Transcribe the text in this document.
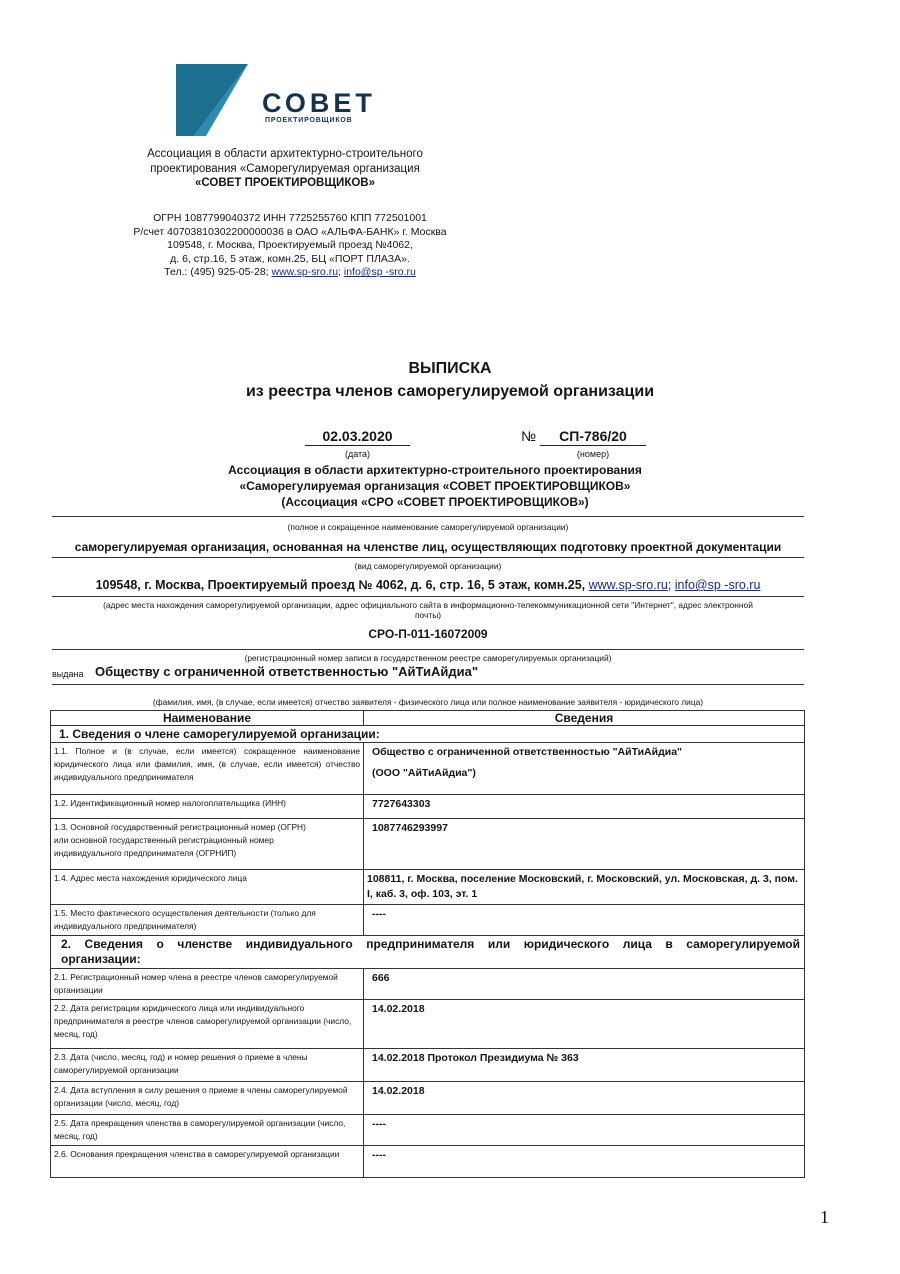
СОВЕТ
ПРОЕКТИРОВЩИКОВ
Ассоциация в области архитектурно-строительного
проектирования «Саморегулируемая организация
«СОВЕТ ПРОЕКТИРОВЩИКОВ»
ОГРН 1087799040372 ИНН 7725255760 КПП 772501001
Р/счет 40703810302200000036 в ОАО «АЛЬФА-БАНК» г. Москва
109548, г. Москва, Проектируемый проезд №4062,
д. 6, стр.16, 5 этаж, комн.25, БЦ «ПОРТ ПЛАЗА».
Тел.: (495) 925-05-28; www.sp-sro.ru; info@sp -sro.ru
ВЫПИСКА
из реестра членов саморегулируемой организации
02.03.2020
(дата)
№	СП-786/20
(номер)
Ассоциация в области архитектурно-строительного проектирования
«Саморегулируемая организация «СОВЕТ ПРОЕКТИРОВЩИКОВ»
(Ассоциация «СРО «СОВЕТ ПРОЕКТИРОВЩИКОВ»)
(полное и сокращенное наименование саморегулируемой организации)
саморегулируемая организация, основанная на членстве лиц, осуществляющих подготовку проектной документации
(вид саморегулируемой организации)
109548, г. Москва, Проектируемый проезд № 4062, д. 6, стр. 16, 5 этаж, комн.25, www.sp-sro.ru; info@sp -sro.ru
(адрес места нахождения саморегулируемой организации, адрес официального сайта в информационно-телекоммуникационной сети "Интернет", адрес электронной
почты)
СРО-П-011-16072009
(регистрационный номер записи в государственном реестре саморегулируемых организаций)
выдана Обществу с ограниченной ответственностью "АйТиАйдиа"
(фамилия, имя, (в случае, если имеется) отчество заявителя - физического лица или полное наименование заявителя - юридического лица)
Наименование	Сведения
1. Сведения о члене саморегулируемой организации:	
1.1. Полное и (в случае, если имеется) сокращенное наименование юридического лица или фамилия, имя, (в случае, если имеется) отчество индивидуального предпринимателя	Общество с ограниченной ответственностью "АйТиАйдиа"
(ООО "АйТиАйдиа")

1.2. Идентификационный номер налогоплательщика (ИНН)	7727643303
1.3. Основной государственный регистрационный номер (ОГРН) или основной государственный регистрационный номер индивидуального предпринимателя (ОГРНИП)	1087746293997
1.4. Адрес места нахождения юридического лица	108811, г. Москва, поселение Московский, г. Московский, ул. Московская, д. 3, пом. I, каб. 3, оф. 103, эт. 1
1.5. Место фактического осуществления деятельности (только для индивидуального предпринимателя)	----
2. Сведения о членстве индивидуального предпринимателя или юридического лица в саморегулируемой
организации:	

2.1. Регистрационный номер члена в реестре членов саморегулируемой организации	666
2.2. Дата регистрации юридического лица или индивидуального предпринимателя в реестре членов саморегулируемой организации (число, месяц, год)	14.02.2018
2.3. Дата (число, месяц, год) и номер решения о приеме в члены саморегулируемой организации	14.02.2018 Протокол Президиума № 363
2.4. Дата вступления в силу решения о приеме в члены саморегулируемой организации (число, месяц, год)	14.02.2018
2.5. Дата прекращения членства в саморегулируемой организации (число, месяц, год)	----
2.6. Основания прекращения членства в саморегулируемой организации	----
1
